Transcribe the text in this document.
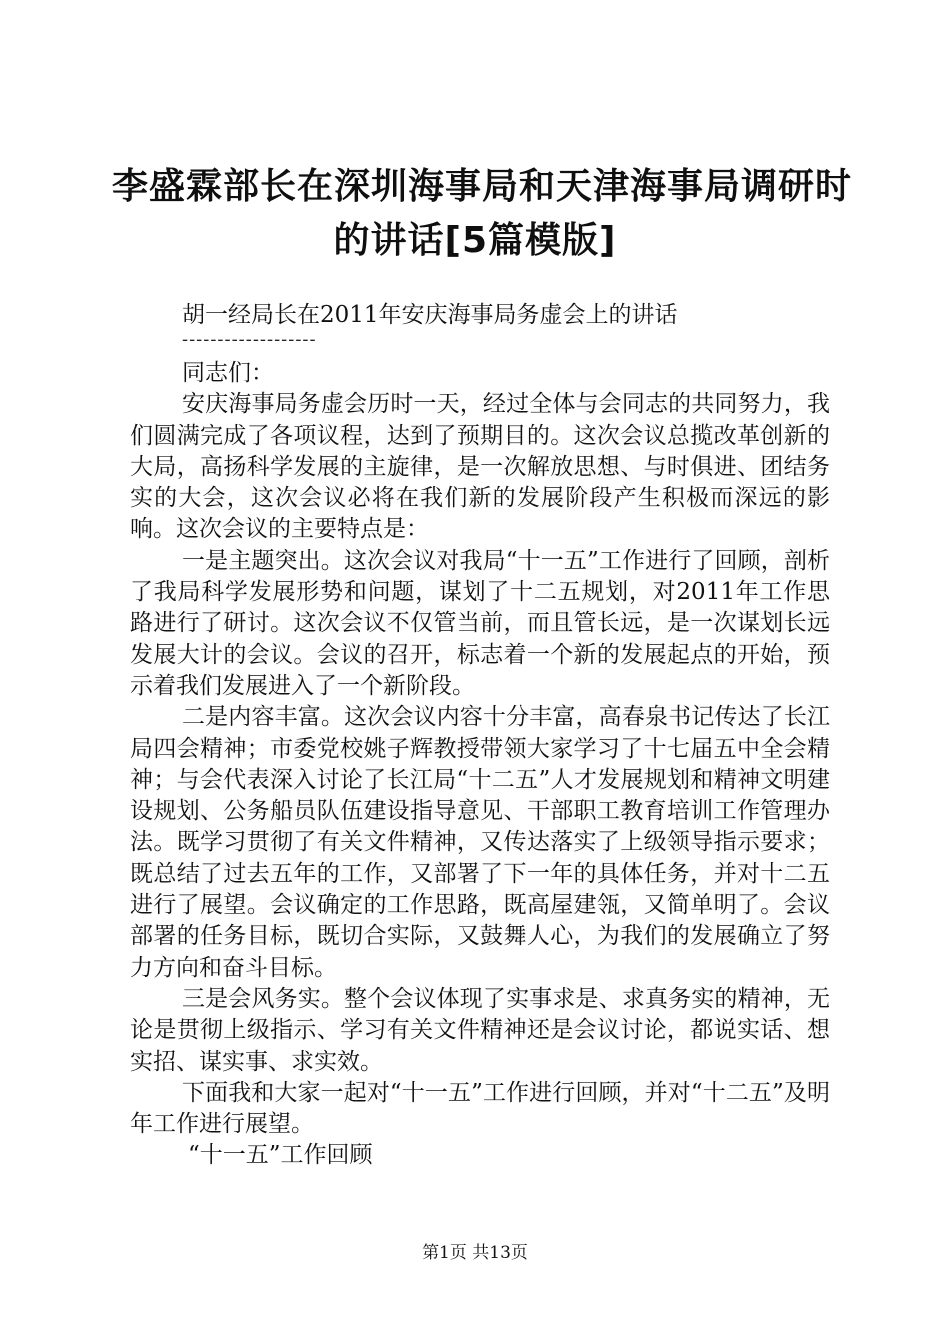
李盛霖部长在深圳海事局和天津海事局调研时
的讲话[5篇模版]
胡一经局长在2011年安庆海事局务虚会上的讲话
-------------------

同志们：

安庆海事局务虚会历时一天，经过全体与会同志的共同努力，我们圆满完成了各项议程，达到了预期目的。这次会议总揽改革创新的大局，高扬科学发展的主旋律，是一次解放思想、与时俱进、团结务实的大会，这次会议必将在我们新的发展阶段产生积极而深远的影响。这次会议的主要特点是：

一是主题突出。这次会议对我局“十一五”工作进行了回顾，剖析了我局科学发展形势和问题，谋划了十二五规划，对2011年工作思路进行了研讨。这次会议不仅管当前，而且管长远，是一次谋划长远发展大计的会议。会议的召开，标志着一个新的发展起点的开始，预示着我们发展进入了一个新阶段。

二是内容丰富。这次会议内容十分丰富，高春泉书记传达了长江局四会精神；市委党校姚子辉教授带领大家学习了十七届五中全会精神；与会代表深入讨论了长江局“十二五”人才发展规划和精神文明建设规划、公务船员队伍建设指导意见、干部职工教育培训工作管理办法。既学习贯彻了有关文件精神，又传达落实了上级领导指示要求；既总结了过去五年的工作，又部署了下一年的具体任务，并对十二五进行了展望。会议确定的工作思路，既高屋建瓴，又简单明了。会议部署的任务目标，既切合实际，又鼓舞人心，为我们的发展确立了努力方向和奋斗目标。

三是会风务实。整个会议体现了实事求是、求真务实的精神，无论是贯彻上级指示、学习有关文件精神还是会议讨论，都说实话、想实招、谋实事、求实效。

下面我和大家一起对“十一五”工作进行回顾，并对“十二五”及明年工作进行展望。

“十一五”工作回顾

第1页 共13页
